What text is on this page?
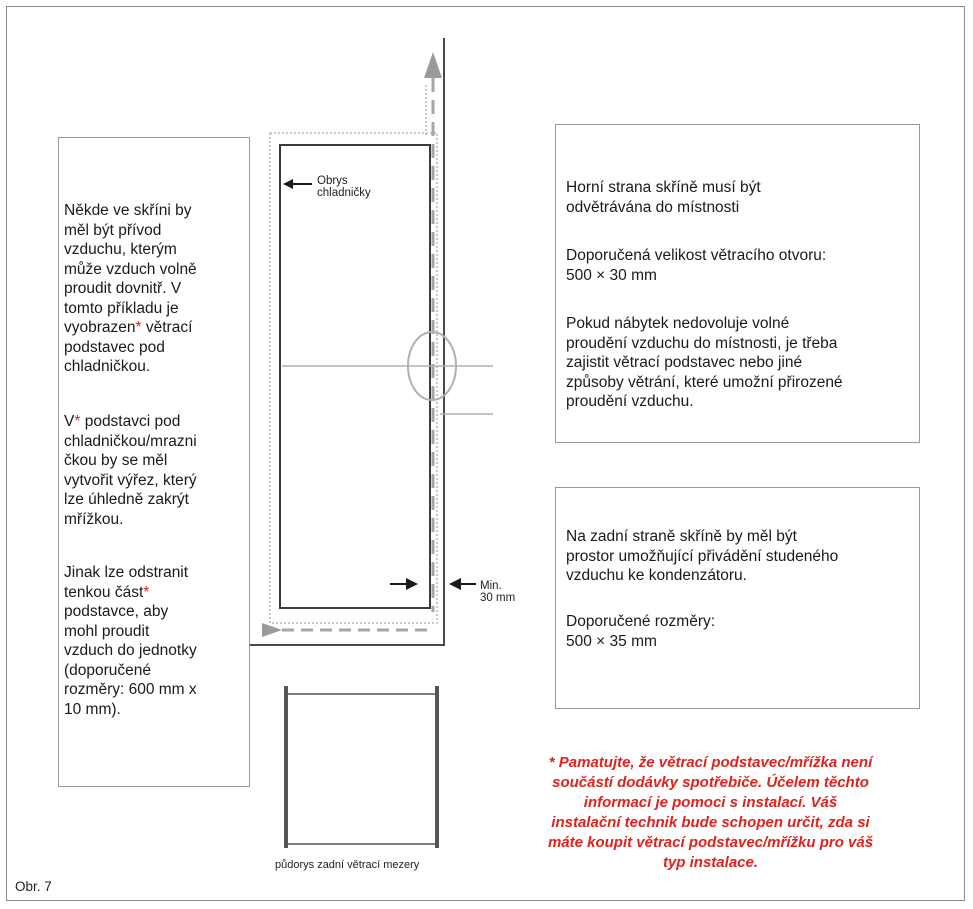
Někde ve skříni by
měl být přívod
vzduchu, kterým
může vzduch volně
proudit dovnitř. V
tomto příkladu je
vyobrazen* větrací
podstavec pod
chladničkou.
V* podstavci pod
chladničkou/mrazni
čkou by se měl
vytvořit výřez, který
lze úhledně zakrýt
mřížkou.
Jinak lze odstranit
tenkou část*
podstavce, aby
mohl proudit
vzduch do jednotky
(doporučené
rozměry: 600 mm x
10 mm).
Horní strana skříně musí být
odvětrávána do místnosti
Doporučená velikost větracího otvoru:
500 × 30 mm
Pokud nábytek nedovoluje volné
proudění vzduchu do místnosti, je třeba
zajistit větrací podstavec nebo jiné
způsoby větrání, které umožní přirozené
proudění vzduchu.
Na zadní straně skříně by měl být
prostor umožňující přivádění studeného
vzduchu ke kondenzátoru.
Doporučené rozměry:
500 × 35 mm
Obrys
chladničky
Min.
30 mm
půdorys zadní větrací mezery
* Pamatujte, že větrací podstavec/mřížka není
součástí dodávky spotřebiče. Účelem těchto
informací je pomoci s instalací. Váš
instalační technik bude schopen určit, zda si
máte koupit větrací podstavec/mřížku pro váš
typ instalace.
Obr. 7
